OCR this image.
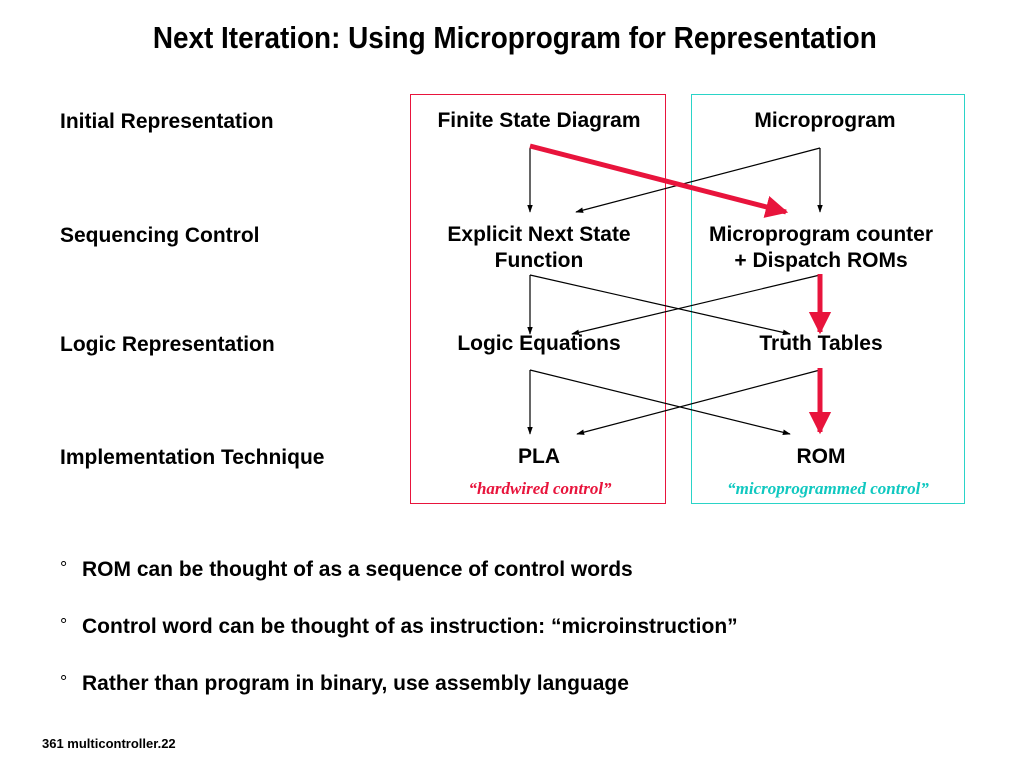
Next Iteration: Using Microprogram for Representation
Initial Representation
Sequencing Control
Logic Representation
Implementation Technique
Finite State Diagram
Explicit Next State
Function
Logic Equations
PLA
“hardwired control”
Microprogram
Microprogram counter
+ Dispatch ROMs
Truth Tables
ROM
“microprogrammed control”
° ROM can be thought of as a sequence of control words
° Control word can be thought of as instruction: “microinstruction”
° Rather than program in binary, use assembly language
361 multicontroller.22
